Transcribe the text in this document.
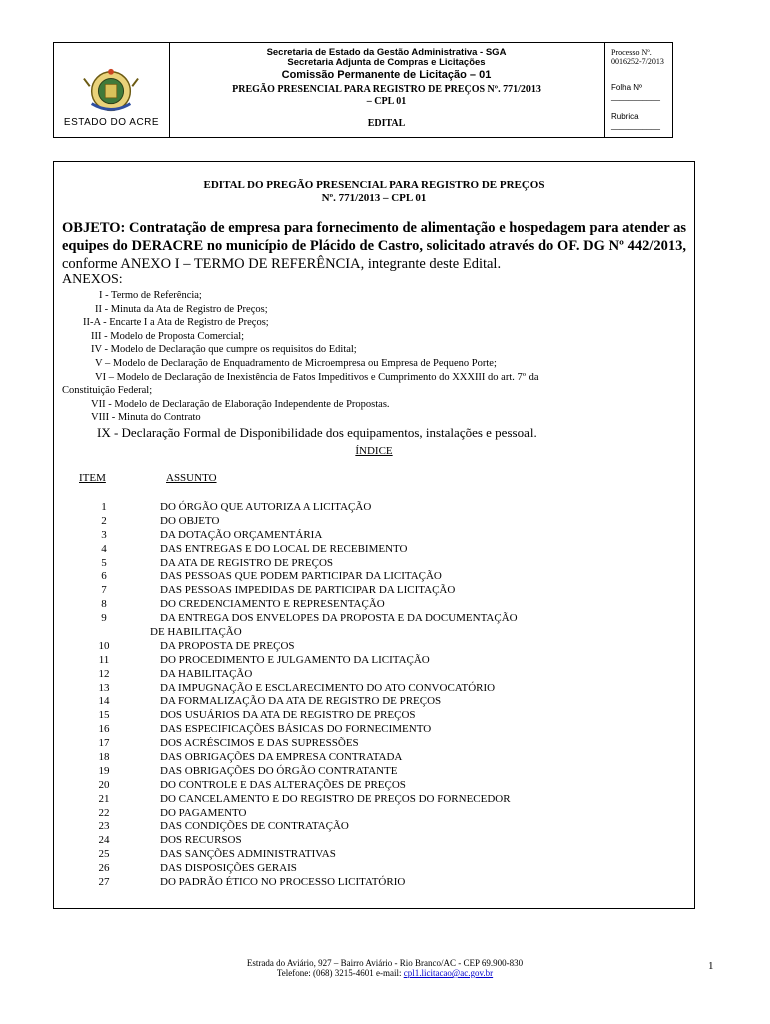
ESTADO DO ACRE
Secretaria de Estado da Gestão Administrativa - SGA
Secretaria Adjunta de Compras e Licitações
Comissão Permanente de Licitação – 01
PREGÃO PRESENCIAL PARA REGISTRO DE PREÇOS Nº. 771/2013
– CPL 01
EDITAL
Processo Nº. 0016252-7/2013
Folha Nº ___________
Rubrica ___________
EDITAL DO PREGÃO PRESENCIAL PARA REGISTRO DE PREÇOS
Nº. 771/2013 – CPL 01
OBJETO: Contratação de empresa para fornecimento de alimentação e hospedagem para atender as equipes do DERACRE no município de Plácido de Castro, solicitado através do OF. DG Nº 442/2013, conforme ANEXO I – TERMO DE REFERÊNCIA, integrante deste Edital.
ANEXOS:
I - Termo de Referência;
II - Minuta da Ata de Registro de Preços;
II-A - Encarte I a Ata de Registro de Preços;
III - Modelo de Proposta Comercial;
IV - Modelo de Declaração que cumpre os requisitos do Edital;
V – Modelo de Declaração de Enquadramento de Microempresa ou Empresa de Pequeno Porte;
VI – Modelo de Declaração de Inexistência de Fatos Impeditivos e Cumprimento do XXXIII do art. 7º da
Constituição Federal;
VII - Modelo de Declaração de Elaboração Independente de Propostas.
VIII - Minuta do Contrato
IX - Declaração Formal de Disponibilidade dos equipamentos, instalações e pessoal.
ÍNDICE
ITEM	ASSUNTO
1	DO ÓRGÃO QUE AUTORIZA A LICITAÇÃO
2	DO OBJETO
3	DA DOTAÇÃO ORÇAMENTÁRIA
4	DAS ENTREGAS E DO LOCAL DE RECEBIMENTO
5	DA ATA DE REGISTRO DE PREÇOS
6	DAS PESSOAS QUE PODEM PARTICIPAR DA LICITAÇÃO
7	DAS PESSOAS IMPEDIDAS DE PARTICIPAR DA LICITAÇÃO
8	DO CREDENCIAMENTO E REPRESENTAÇÃO
9	DA ENTREGA DOS ENVELOPES DA PROPOSTA E DA DOCUMENTAÇÃO
DE HABILITAÇÃO
10	DA PROPOSTA DE PREÇOS
11	DO PROCEDIMENTO E JULGAMENTO DA LICITAÇÃO
12	DA HABILITAÇÃO
13	DA IMPUGNAÇÃO E ESCLARECIMENTO DO ATO CONVOCATÓRIO
14	DA FORMALIZAÇÃO DA ATA DE REGISTRO DE PREÇOS
15	DOS USUÁRIOS DA ATA DE REGISTRO DE PREÇOS
16	DAS ESPECIFICAÇÕES BÁSICAS DO FORNECIMENTO
17	DOS ACRÉSCIMOS E DAS SUPRESSÕES
18	DAS OBRIGAÇÕES DA EMPRESA CONTRATADA
19	DAS OBRIGAÇÕES DO ÓRGÃO CONTRATANTE
20	DO CONTROLE E DAS ALTERAÇÕES DE PREÇOS
21	DO CANCELAMENTO E DO REGISTRO DE PREÇOS DO FORNECEDOR
22	DO PAGAMENTO
23	DAS CONDIÇÕES DE CONTRATAÇÃO
24	DOS RECURSOS
25	DAS SANÇÕES ADMINISTRATIVAS
26	DAS DISPOSIÇÕES GERAIS
27	DO PADRÃO ÉTICO NO PROCESSO LICITATÓRIO
Estrada do Aviário, 927 – Bairro Aviário - Rio Branco/AC - CEP 69.900-830
Telefone: (068) 3215-4601 e-mail: cpl1.licitacao@ac.gov.br
1
